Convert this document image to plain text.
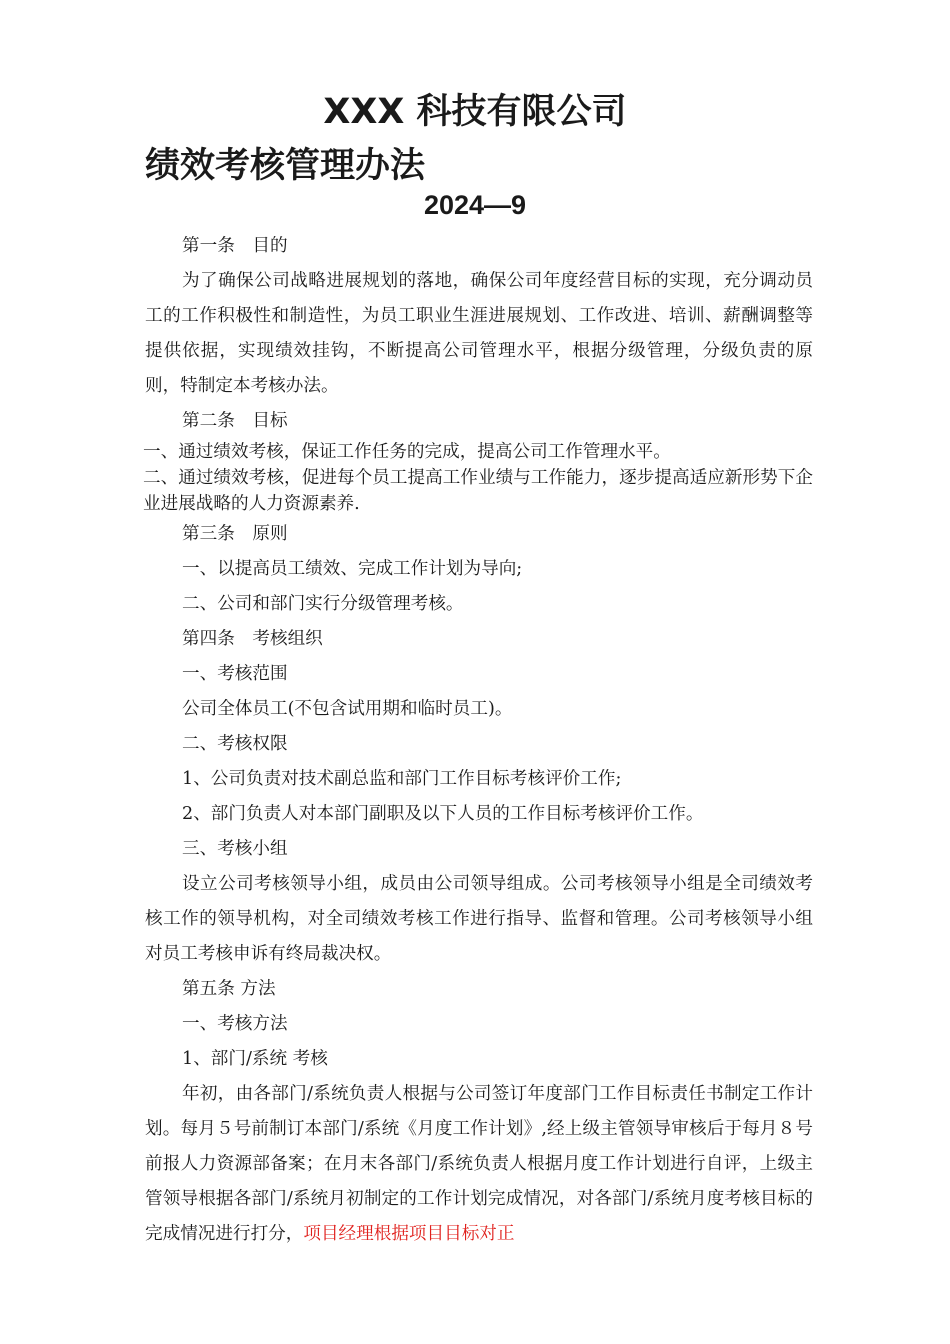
XXX 科技有限公司
绩效考核管理办法
2024—9

第一条　目的

为了确保公司战略进展规划的落地，确保公司年度经营目标的实现，充分调动员工的工作积极性和制造性，为员工职业生涯进展规划、工作改进、培训、薪酬调整等提供依据，实现绩效挂钩，不断提高公司管理水平，根据分级管理，分级负责的原则，特制定本考核办法。

第二条　目标

一、通过绩效考核，保证工作任务的完成，提高公司工作管理水平。

二、通过绩效考核，促进每个员工提高工作业绩与工作能力，逐步提高适应新形势下企业进展战略的人力资源素养.

第三条　原则

一、以提高员工绩效、完成工作计划为导向;

二、公司和部门实行分级管理考核。

第四条　考核组织

一、考核范围

公司全体员工(不包含试用期和临时员工)。

二、考核权限

1、公司负责对技术副总监和部门工作目标考核评价工作;

2、部门负责人对本部门副职及以下人员的工作目标考核评价工作。

三、考核小组

设立公司考核领导小组，成员由公司领导组成。公司考核领导小组是全司绩效考核工作的领导机构，对全司绩效考核工作进行指导、监督和管理。公司考核领导小组对员工考核申诉有终局裁决权。

第五条 方法

一、考核方法

1、部门/系统 考核

年初，由各部门/系统负责人根据与公司签订年度部门工作目标责任书制定工作计划。每月５号前制订本部门/系统《月度工作计划》,经上级主管领导审核后于每月８号前报人力资源部备案；在月末各部门/系统负责人根据月度工作计划进行自评，上级主管领导根据各部门/系统月初制定的工作计划完成情况，对各部门/系统月度考核目标的完成情况进行打分，项目经理根据项目目标对正
